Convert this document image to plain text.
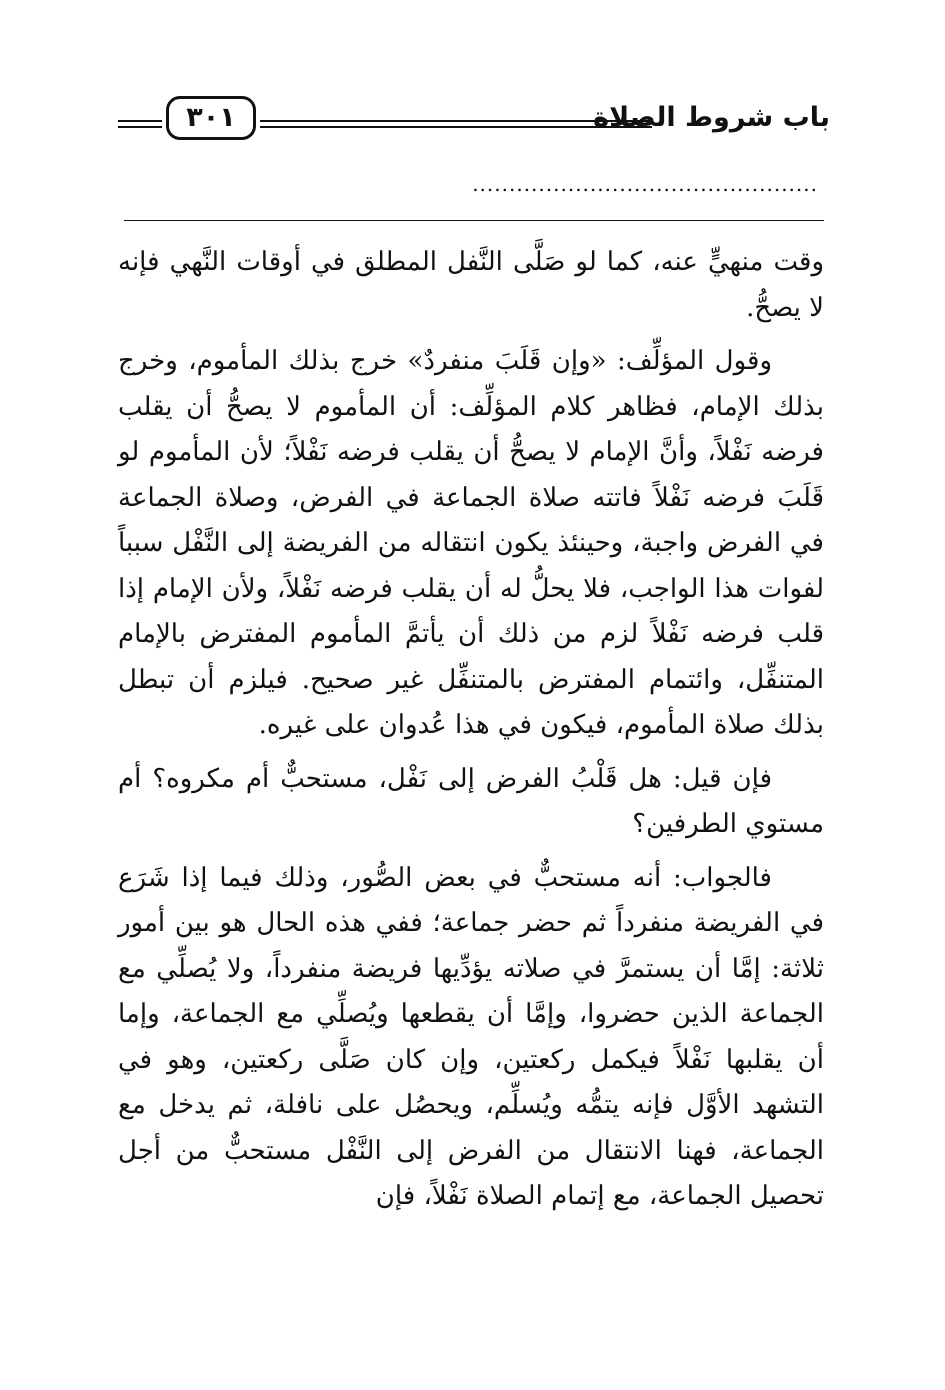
باب شروط الصلاة
٣٠١
...............................................

وقت منهيٍّ عنه، كما لو صَلَّى النَّفل المطلق في أوقات النَّهي فإنه لا يصحُّ.

وقول المؤلِّف: «وإن قَلَبَ منفردٌ» خرج بذلك المأموم، وخرج بذلك الإمام، فظاهر كلام المؤلِّف: أن المأموم لا يصحُّ أن يقلب فرضه نَفْلاً، وأنَّ الإمام لا يصحُّ أن يقلب فرضه نَفْلاً؛ لأن المأموم لو قَلَبَ فرضه نَفْلاً فاتته صلاة الجماعة في الفرض، وصلاة الجماعة في الفرض واجبة، وحينئذ يكون انتقاله من الفريضة إلى النَّفْل سبباً لفوات هذا الواجب، فلا يحلُّ له أن يقلب فرضه نَفْلاً، ولأن الإمام إذا قلب فرضه نَفْلاً لزم من ذلك أن يأتمَّ المأموم المفترض بالإمام المتنفِّل، وائتمام المفترض بالمتنفِّل غير صحيح. فيلزم أن تبطل بذلك صلاة المأموم، فيكون في هذا عُدوان على غيره.

فإن قيل: هل قَلْبُ الفرض إلى نَفْل، مستحبٌّ أم مكروه؟ أم مستوي الطرفين؟

فالجواب: أنه مستحبٌّ في بعض الصُّور، وذلك فيما إذا شَرَع في الفريضة منفرداً ثم حضر جماعة؛ ففي هذه الحال هو بين أمور ثلاثة: إمَّا أن يستمرَّ في صلاته يؤدِّيها فريضة منفرداً، ولا يُصلِّي مع الجماعة الذين حضروا، وإمَّا أن يقطعها ويُصلِّي مع الجماعة، وإما أن يقلبها نَفْلاً فيكمل ركعتين، وإن كان صَلَّى ركعتين، وهو في التشهد الأوَّل فإنه يتمُّه ويُسلِّم، ويحصُل على نافلة، ثم يدخل مع الجماعة، فهنا الانتقال من الفرض إلى النَّفْل مستحبٌّ من أجل تحصيل الجماعة، مع إتمام الصلاة نَفْلاً، فإن
